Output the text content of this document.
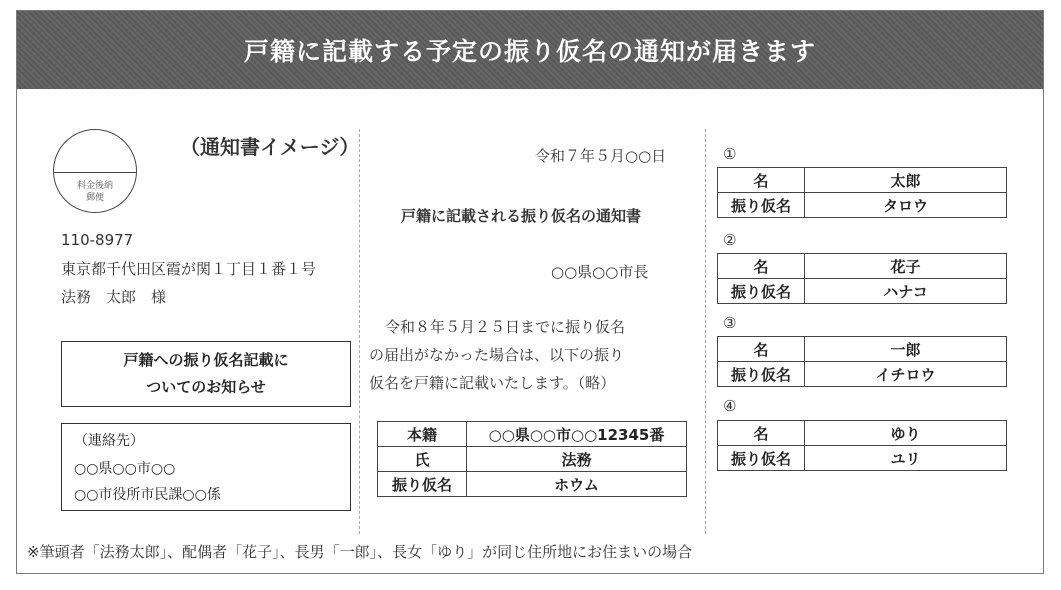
戸籍に記載する予定の振り仮名の通知が届きます
料金後納
郵便
（通知書イメージ）
110-8977
東京都千代田区霞が関１丁目１番１号
法務　太郎　様
戸籍への振り仮名記載に
ついてのお知らせ
（連絡先）
○○県○○市○○
○○市役所市民課○○係
令和７年５月○○日
戸籍に記載される振り仮名の通知書
○○県○○市長
令和８年５月２５日までに振り仮名
の届出がなかった場合は、以下の振り
仮名を戸籍に記載いたします。（略）
本籍	○○県○○市○○12345番
氏	法務
振り仮名	ホウム
①
名	太郎
振り仮名	タロウ
②
名	花子
振り仮名	ハナコ
③
名	一郎
振り仮名	イチロウ
④
名	ゆり
振り仮名	ユリ
※筆頭者「法務太郎」、配偶者「花子」、長男「一郎」、長女「ゆり」が同じ住所地にお住まいの場合
